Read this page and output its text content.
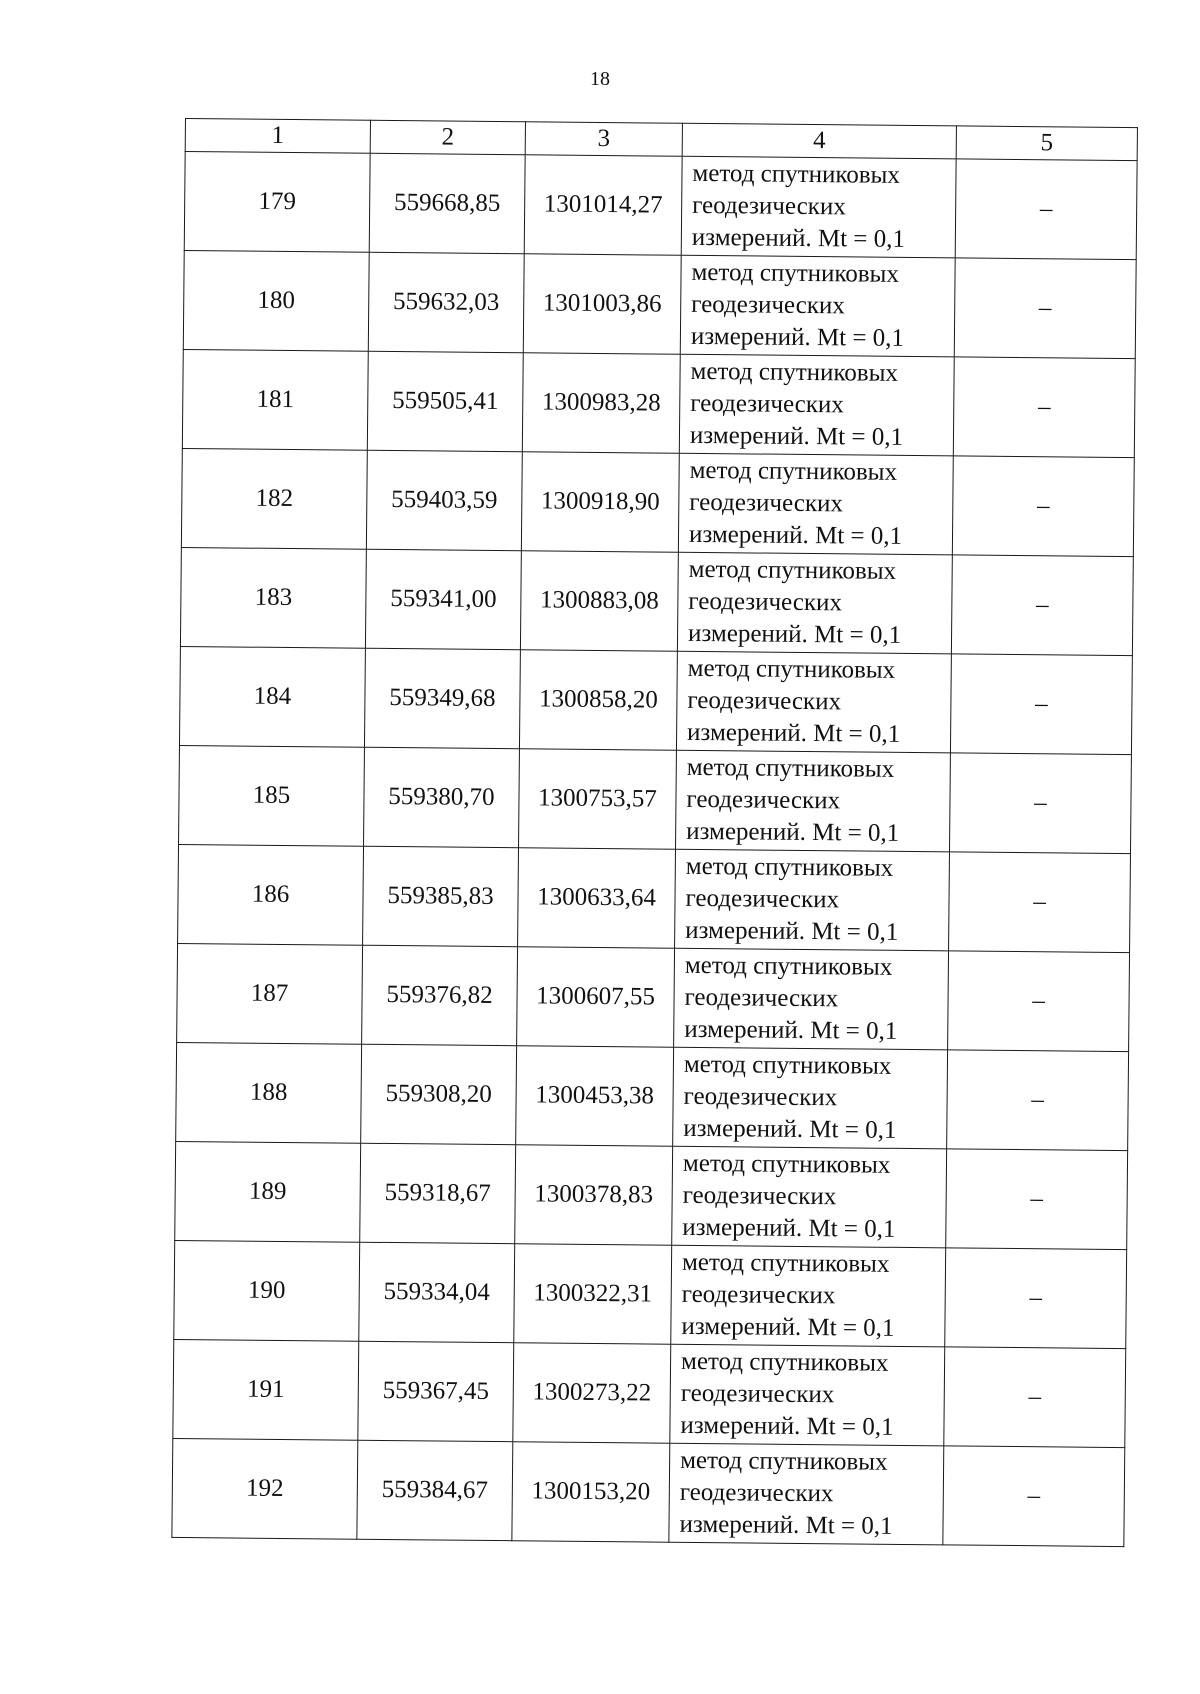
18
1	2	3	4	5
179	559668,85	1301014,27	метод спутниковых
геодезических
измерений. Mt = 0,1	–
180	559632,03	1301003,86	метод спутниковых
геодезических
измерений. Mt = 0,1	–
181	559505,41	1300983,28	метод спутниковых
геодезических
измерений. Mt = 0,1	–
182	559403,59	1300918,90	метод спутниковых
геодезических
измерений. Mt = 0,1	–
183	559341,00	1300883,08	метод спутниковых
геодезических
измерений. Mt = 0,1	–
184	559349,68	1300858,20	метод спутниковых
геодезических
измерений. Mt = 0,1	–
185	559380,70	1300753,57	метод спутниковых
геодезических
измерений. Mt = 0,1	–
186	559385,83	1300633,64	метод спутниковых
геодезических
измерений. Mt = 0,1	–
187	559376,82	1300607,55	метод спутниковых
геодезических
измерений. Mt = 0,1	–
188	559308,20	1300453,38	метод спутниковых
геодезических
измерений. Mt = 0,1	–
189	559318,67	1300378,83	метод спутниковых
геодезических
измерений. Mt = 0,1	–
190	559334,04	1300322,31	метод спутниковых
геодезических
измерений. Mt = 0,1	–
191	559367,45	1300273,22	метод спутниковых
геодезических
измерений. Mt = 0,1	–
192	559384,67	1300153,20	метод спутниковых
геодезических
измерений. Mt = 0,1	–
